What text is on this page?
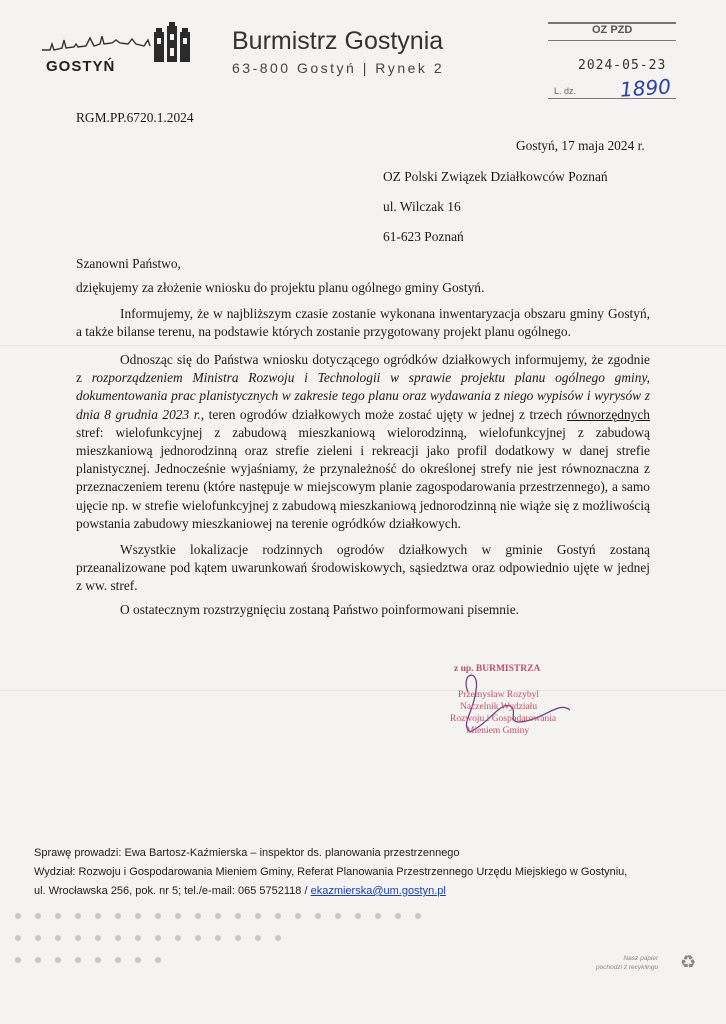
GOSTYŃ
Burmistrz Gostynia
63-800 Gostyń | Rynek 2
OZ PZD
2024-05-23
L. dz. 1890
RGM.PP.6720.1.2024
Gostyń, 17 maja 2024 r.
OZ Polski Związek Działkowców Poznań
ul. Wilczak 16
61-623 Poznań
Szanowni Państwo,
dziękujemy za złożenie wniosku do projektu planu ogólnego gminy Gostyń.
Informujemy, że w najbliższym czasie zostanie wykonana inwentaryzacja obszaru gminy Gostyń, a także bilanse terenu, na podstawie których zostanie przygotowany projekt planu ogólnego.
Odnosząc się do Państwa wniosku dotyczącego ogródków działkowych informujemy, że zgodnie z rozporządzeniem Ministra Rozwoju i Technologii w sprawie projektu planu ogólnego gminy, dokumentowania prac planistycznych w zakresie tego planu oraz wydawania z niego wypisów i wyrysów z dnia 8 grudnia 2023 r., teren ogrodów działkowych może zostać ujęty w jednej z trzech równorzędnych stref: wielofunkcyjnej z zabudową mieszkaniową wielorodzinną, wielofunkcyjnej z zabudową mieszkaniową jednorodzinną oraz strefie zieleni i rekreacji jako profil dodatkowy w danej strefie planistycznej. Jednocześnie wyjaśniamy, że przynależność do określonej strefy nie jest równoznaczna z przeznaczeniem terenu (które następuje w miejscowym planie zagospodarowania przestrzennego), a samo ujęcie np. w strefie wielofunkcyjnej z zabudową mieszkaniową jednorodzinną nie wiąże się z możliwością powstania zabudowy mieszkaniowej na terenie ogródków działkowych.
Wszystkie lokalizacje rodzinnych ogrodów działkowych w gminie Gostyń zostaną przeanalizowane pod kątem uwarunkowań środowiskowych, sąsiedztwa oraz odpowiednio ujęte w jednej z ww. stref.
O ostatecznym rozstrzygnięciu zostaną Państwo poinformowani pisemnie.
z up. BURMISTRZA
Przemysław Rozybyl
Naczelnik Wydziału
Rozwoju i Gospodarowania
Mieniem Gminy
Sprawę prowadzi: Ewa Bartosz-Kaźmierska – inspektor ds. planowania przestrzennego
Wydział: Rozwoju i Gospodarowania Mieniem Gminy, Referat Planowania Przestrzennego Urzędu Miejskiego w Gostyniu,
ul. Wrocławska 256, pok. nr 5; tel./e-mail: 065 5752118 / ekazmierska@um.gostyn.pl
Nasz papier
pochodzi z recyklingu ♻
